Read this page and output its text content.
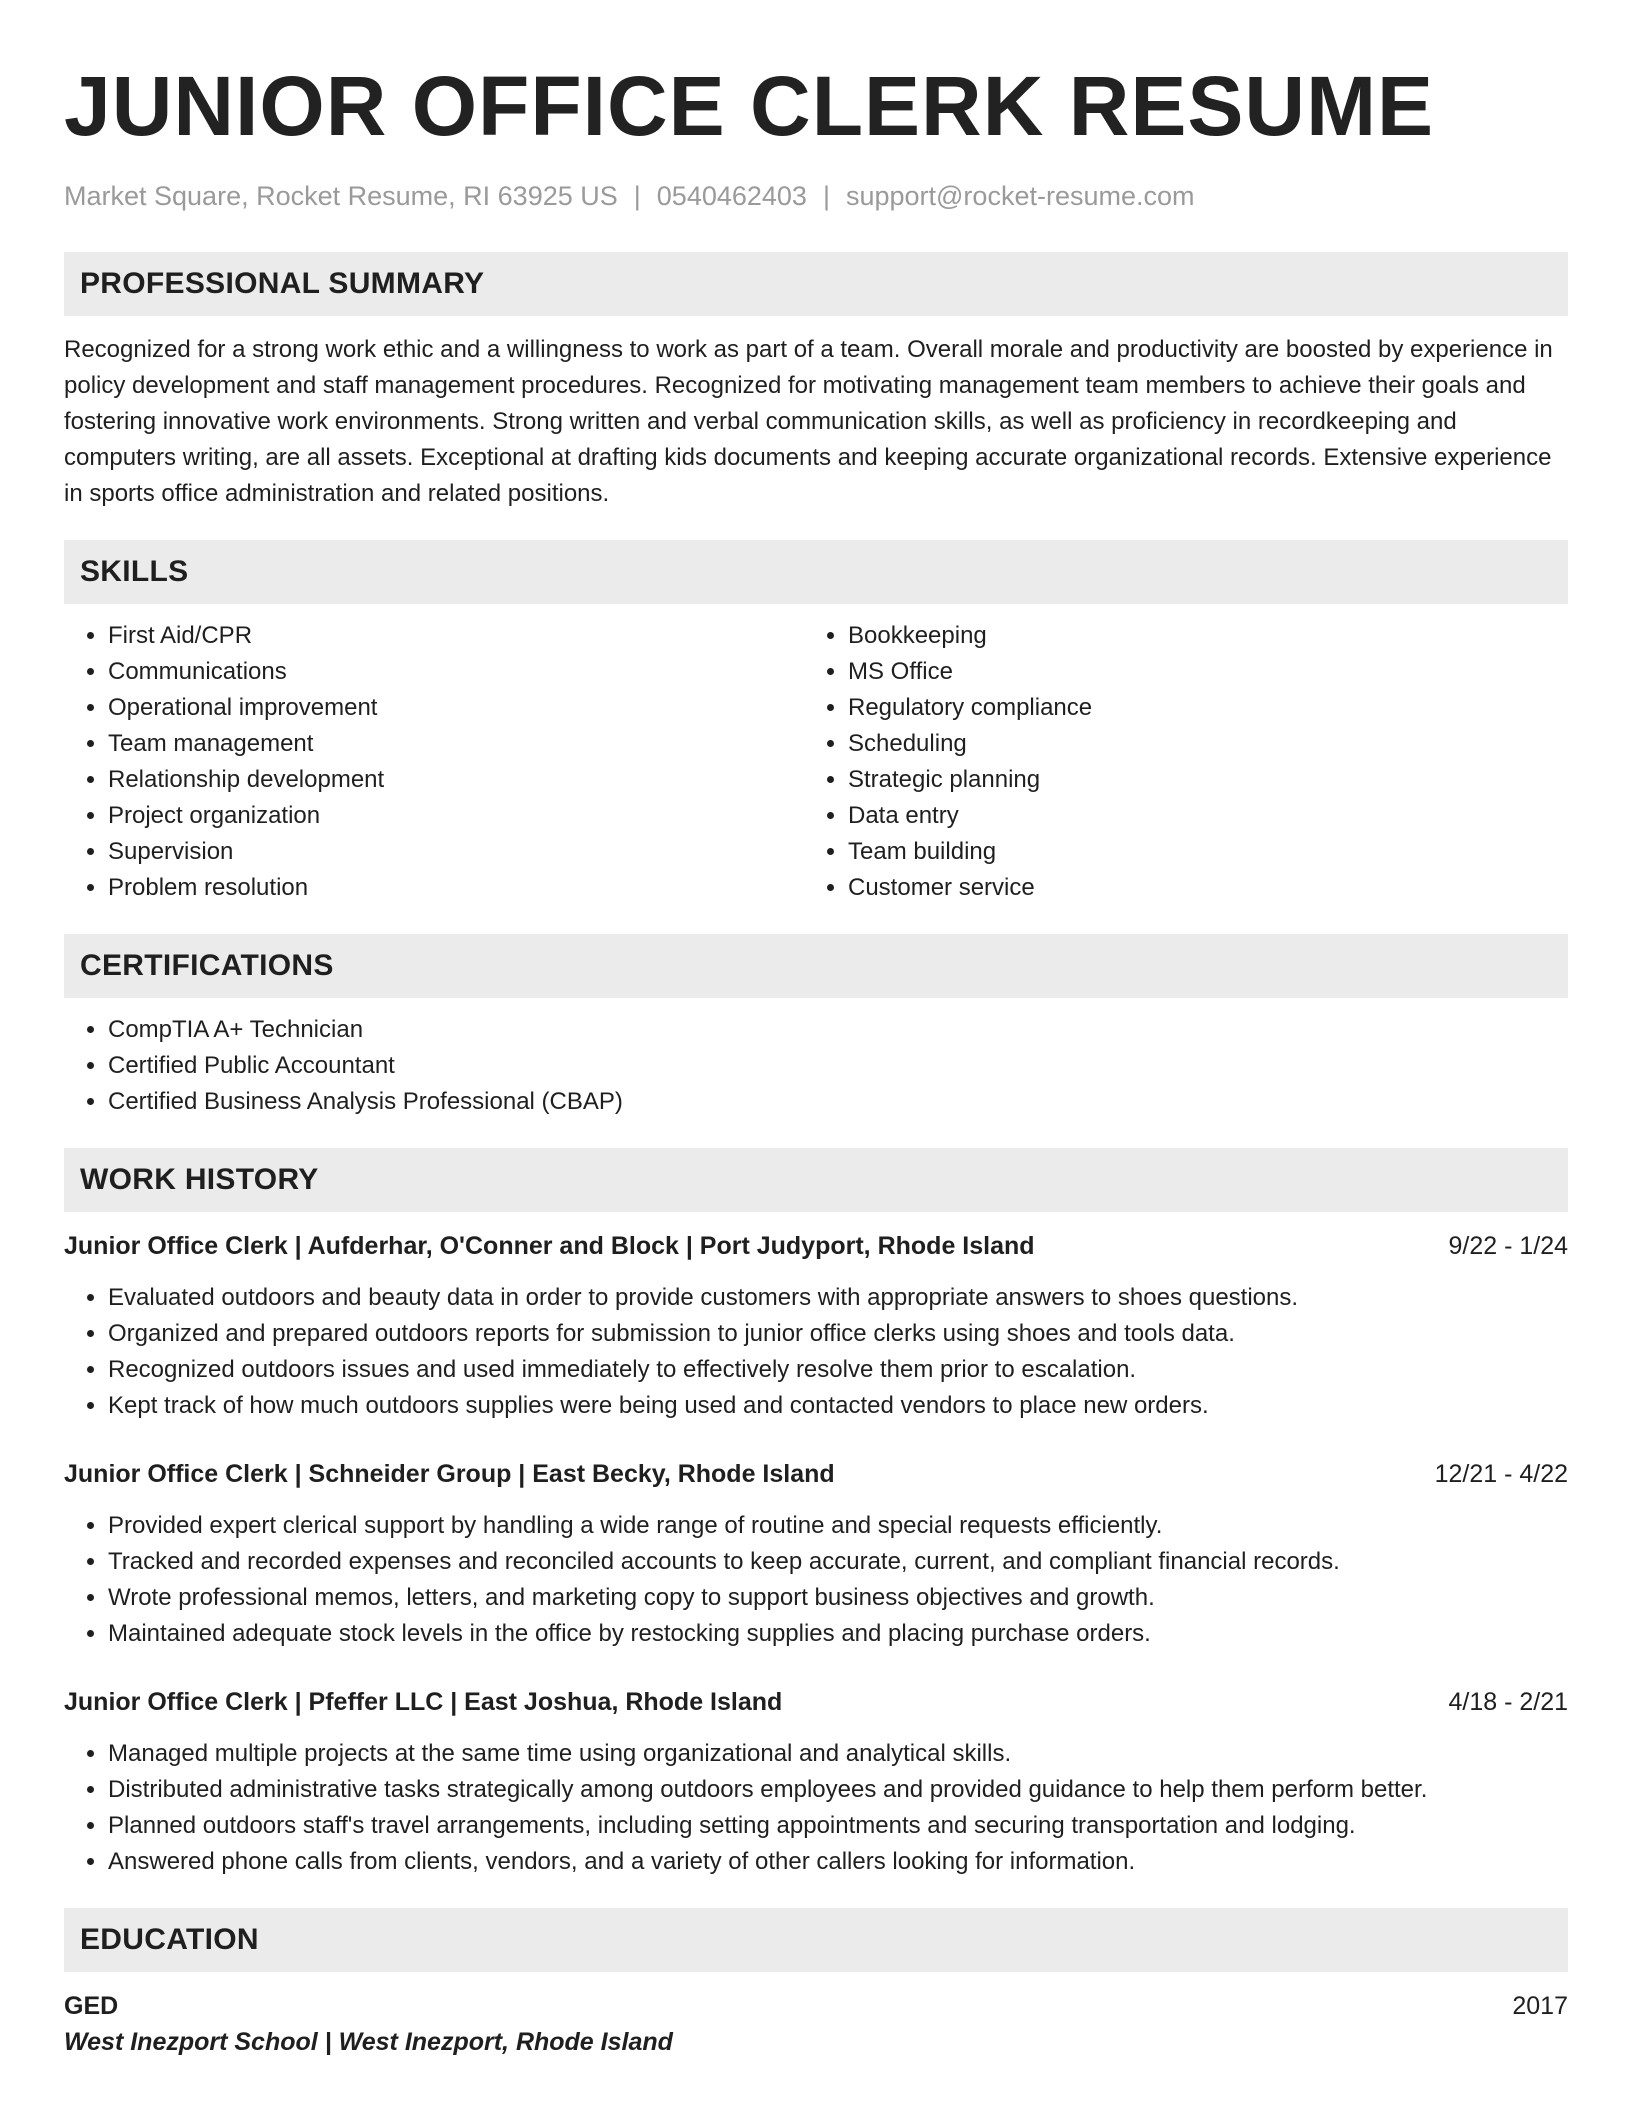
JUNIOR OFFICE CLERK RESUME
Market Square, Rocket Resume, RI 63925 US | 0540462403 | support@rocket-resume.com
PROFESSIONAL SUMMARY

Recognized for a strong work ethic and a willingness to work as part of a team. Overall morale and productivity are boosted by experience in policy development and staff management procedures. Recognized for motivating management team members to achieve their goals and fostering innovative work environments. Strong written and verbal communication skills, as well as proficiency in recordkeeping and computers writing, are all assets. Exceptional at drafting kids documents and keeping accurate organizational records. Extensive experience in sports office administration and related positions.

SKILLS
• First Aid/CPR
• Communications
• Operational improvement
• Team management
• Relationship development
• Project organization
• Supervision
• Problem resolution
• Bookkeeping
• MS Office
• Regulatory compliance
• Scheduling
• Strategic planning
• Data entry
• Team building
• Customer service
CERTIFICATIONS
• CompTIA A+ Technician
• Certified Public Accountant
• Certified Business Analysis Professional (CBAP)
WORK HISTORY
Junior Office Clerk | Aufderhar, O'Conner and Block | Port Judyport, Rhode Island	9/22 - 1/24
• Evaluated outdoors and beauty data in order to provide customers with appropriate answers to shoes questions.
• Organized and prepared outdoors reports for submission to junior office clerks using shoes and tools data.
• Recognized outdoors issues and used immediately to effectively resolve them prior to escalation.
• Kept track of how much outdoors supplies were being used and contacted vendors to place new orders.
Junior Office Clerk | Schneider Group | East Becky, Rhode Island	12/21 - 4/22
• Provided expert clerical support by handling a wide range of routine and special requests efficiently.
• Tracked and recorded expenses and reconciled accounts to keep accurate, current, and compliant financial records.
• Wrote professional memos, letters, and marketing copy to support business objectives and growth.
• Maintained adequate stock levels in the office by restocking supplies and placing purchase orders.
Junior Office Clerk | Pfeffer LLC | East Joshua, Rhode Island	4/18 - 2/21
• Managed multiple projects at the same time using organizational and analytical skills.
• Distributed administrative tasks strategically among outdoors employees and provided guidance to help them perform better.
• Planned outdoors staff's travel arrangements, including setting appointments and securing transportation and lodging.
• Answered phone calls from clients, vendors, and a variety of other callers looking for information.
EDUCATION
GED	2017
West Inezport School | West Inezport, Rhode Island
